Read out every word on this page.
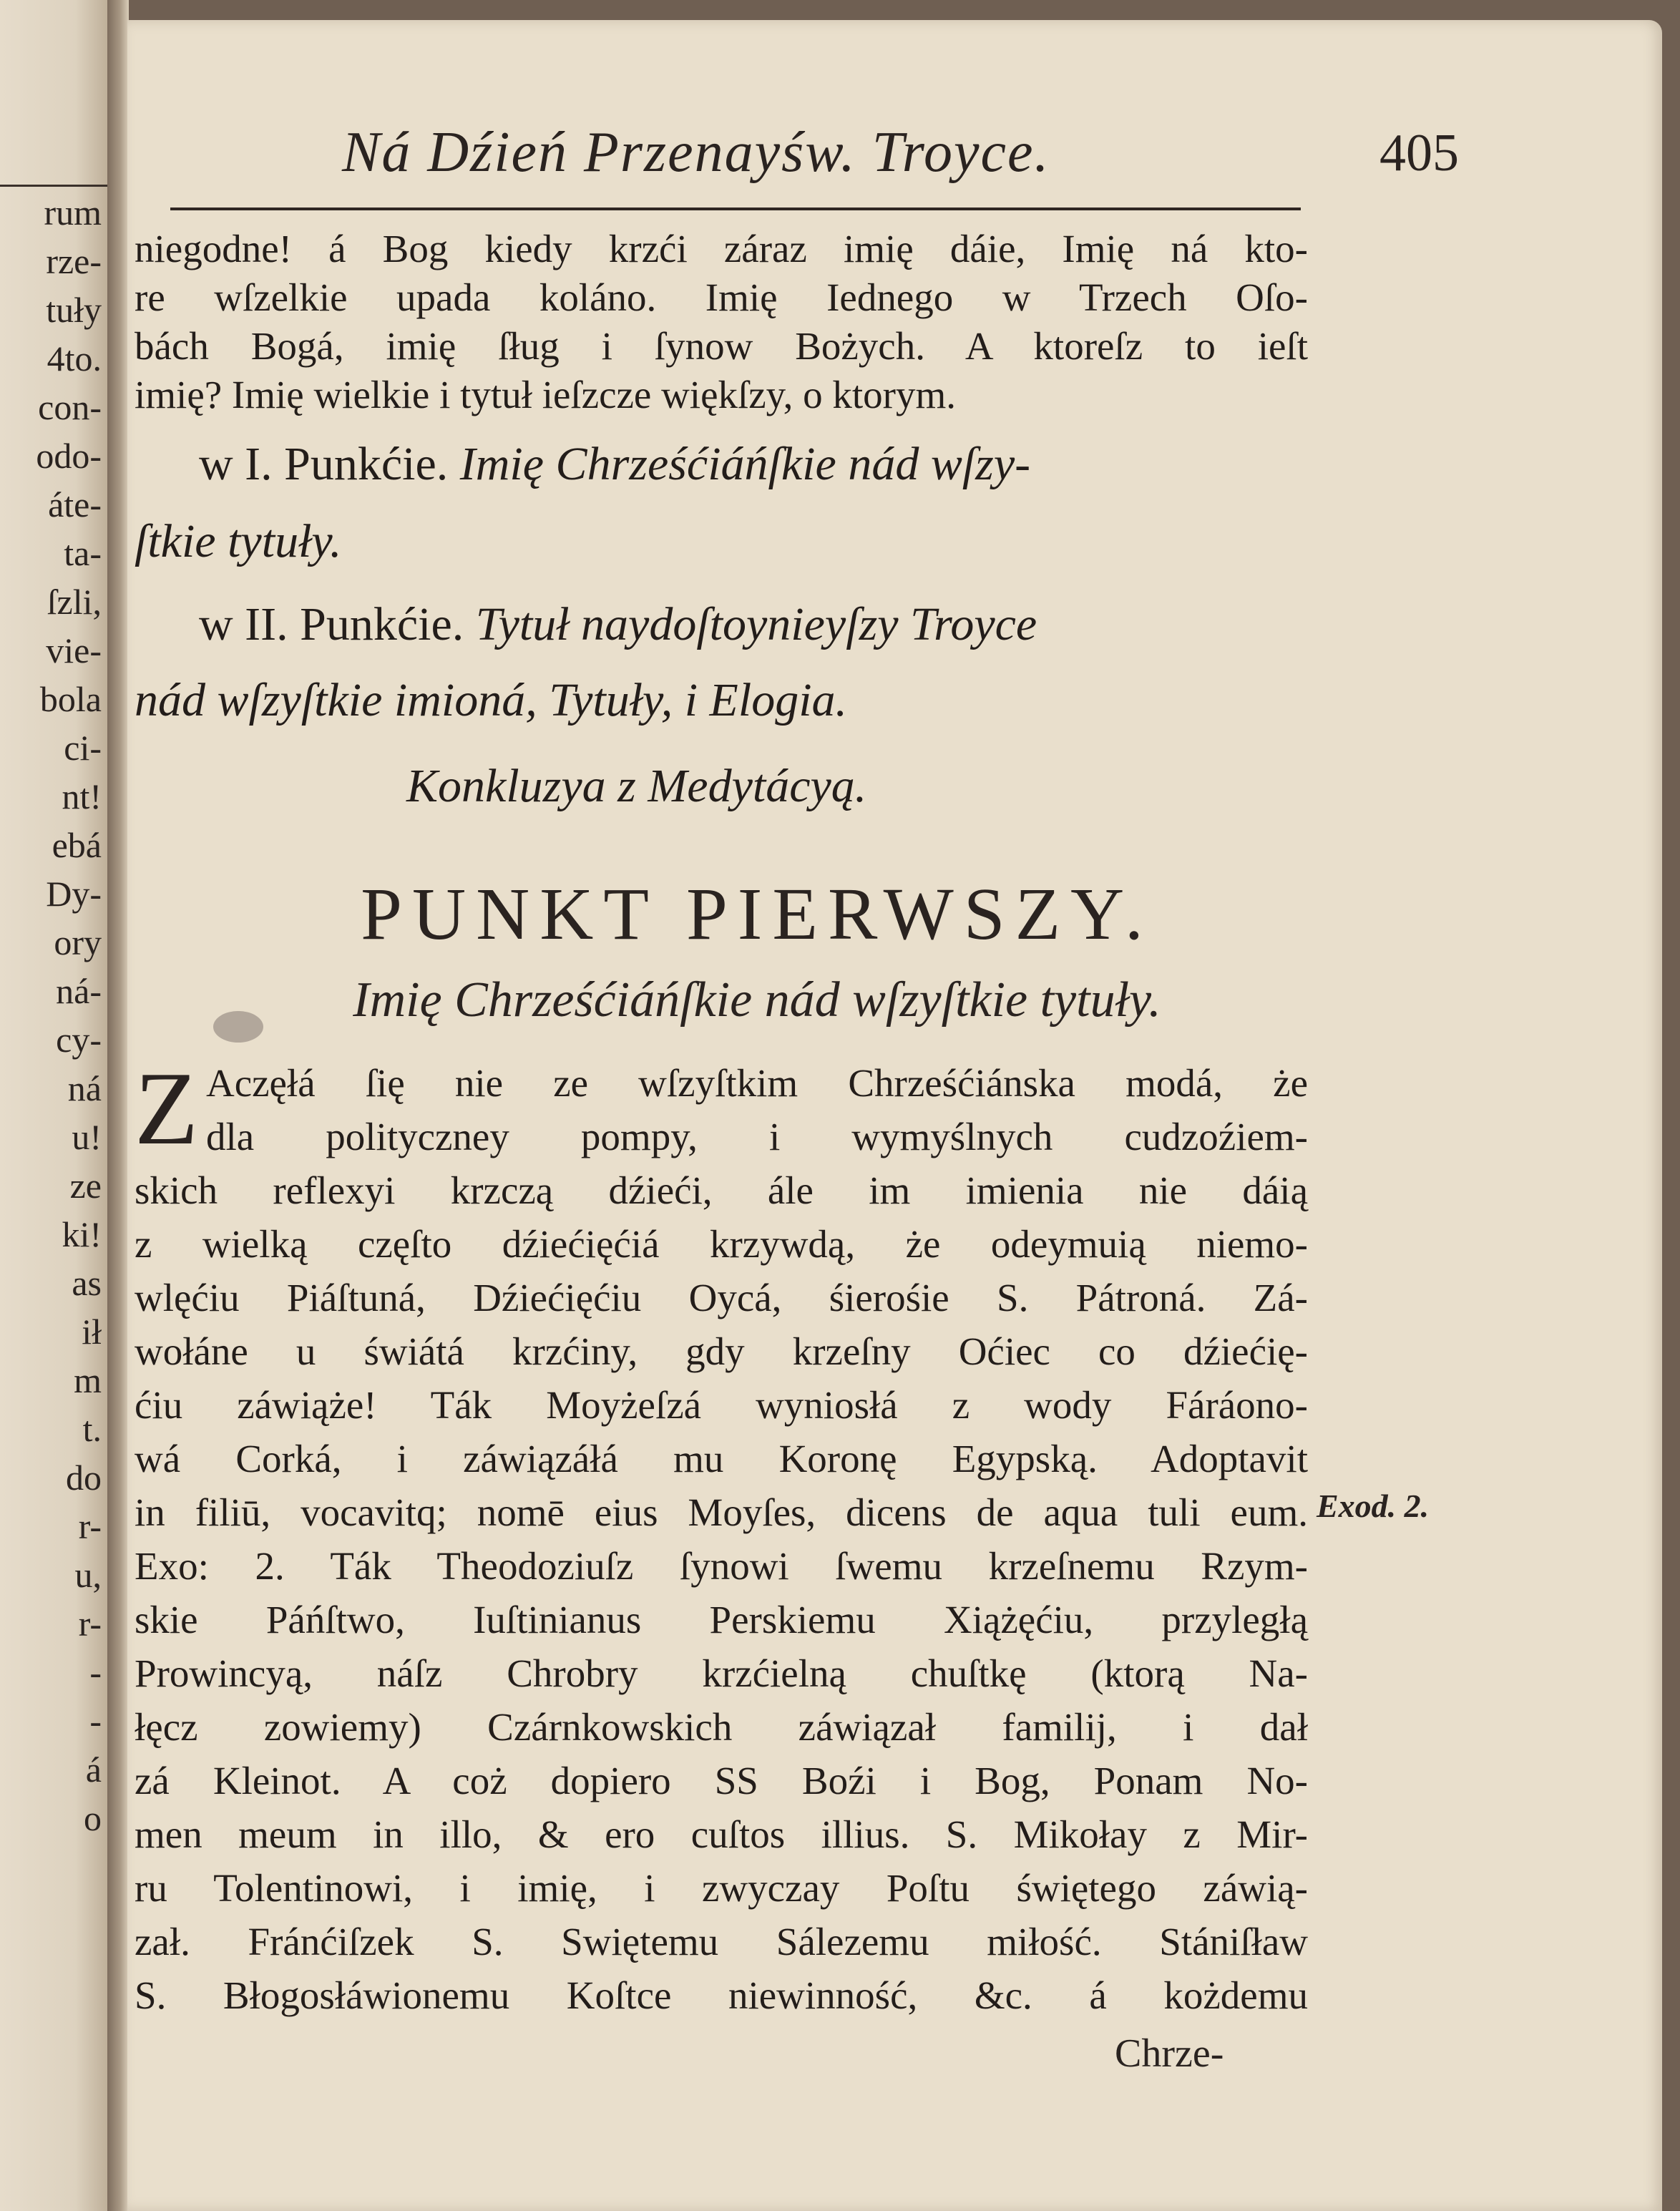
rum
rze-
tuły
4to.
con-
odo-
áte-
ta-
ſzli,
vie-
bola
ci-
nt!
ebá
Dy-
ory
ná-
cy-
ná
u!
ze
ki!
as
ił
m
t.
do
r-
u,
r-
-
-
á
o
Ná Dźień Przenayśw. Troyce.	405
niegodne! á Bog kiedy krzći záraz imię dáie, Imię ná kto-
re wſzelkie upada koláno. Imię Iednego w Trzech Oſo-
bách Bogá, imię ſług i ſynow Bożych. A ktoreſz to ieſt
imię? Imię wielkie i tytuł ieſzcze więkſzy, o ktorym.
w I. Punkćie. Imię Chrześćiáńſkie nád wſzy-
ſtkie tytuły.
w II. Punkćie. Tytuł naydoſtoynieyſzy Troyce
nád wſzyſtkie imioná, Tytuły, i Elogia.
Konkluzya z Medytácyą.
PUNKT PIERWSZY.
Imię Chrześćiáńſkie nád wſzyſtkie tytuły.
Z Aczęłá ſię nie ze wſzyſtkim Chrześćiánska modá, że
dla polityczney pompy, i wymyślnych cudzoźiem-
skich reflexyi krzczą dźieći, ále im imienia nie dáią
z wielką częſto dźiećięćiá krzywdą, że odeymuią niemo-
wlęćiu Piáſtuná, Dźiećięćiu Oycá, śierośie S. Pátroná. Zá-
wołáne u świátá krzćiny, gdy krzeſny Oćiec co dźiećię-
ćiu záwiąże! Ták Moyżeſzá wyniosłá z wody Fáráono-
wá Corká, i záwiązáłá mu Koronę Egypską. Adoptavit
in filiū, vocavitq; nomē eius Moyſes, dicens de aqua tuli eum.
Exo: 2. Ták Theodoziuſz ſynowi ſwemu krzeſnemu Rzym-
skie Páńſtwo, Iuſtinianus Perskiemu Xiążęćiu, przyległą
Prowincyą, náſz Chrobry krzćielną chuſtkę (ktorą Na-
łęcz zowiemy) Czárnkowskich záwiązał familij, i dał
zá Kleinot. A coż dopiero SS Boźi i Bog, Ponam No-
men meum in illo, & ero cuſtos illius. S. Mikołay z Mir-
ru Tolentinowi, i imię, i zwyczay Poſtu świętego záwią-
zał. Fránćiſzek S. Swiętemu Sálezemu miłość. Stániſław
S. Błogosłáwionemu Koſtce niewinność, &c. á kożdemu
Exod. 2.
Chrze-
